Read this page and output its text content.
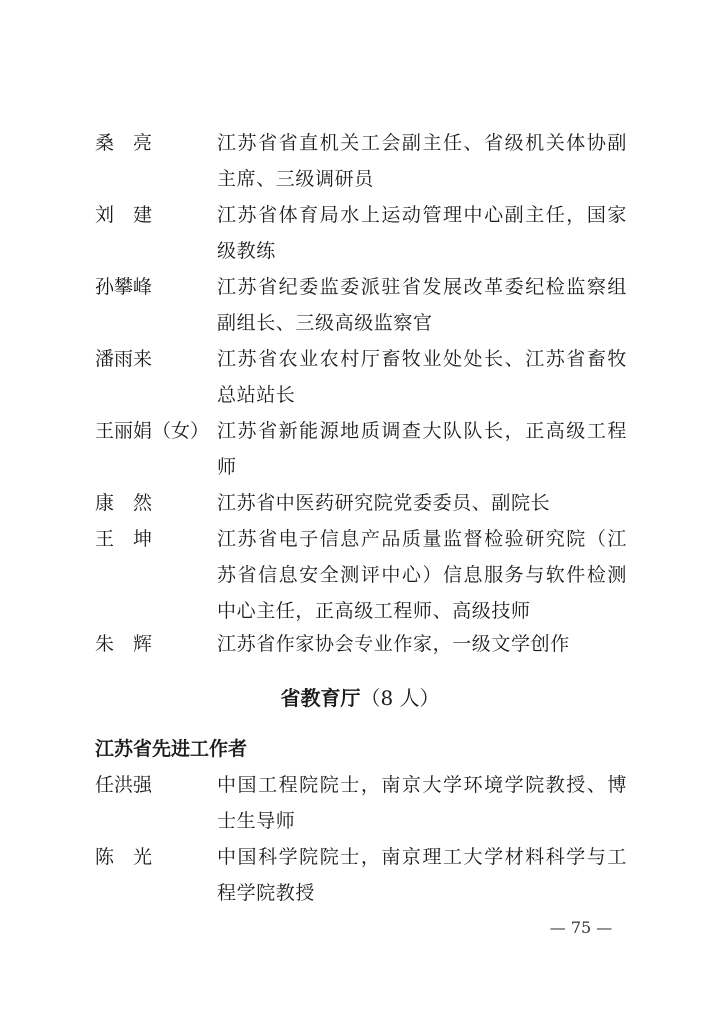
桑　亮	江苏省省直机关工会副主任、省级机关体协副主席、三级调研员
刘　建	江苏省体育局水上运动管理中心副主任，国家级教练
孙攀峰	江苏省纪委监委派驻省发展改革委纪检监察组副组长、三级高级监察官
潘雨来	江苏省农业农村厅畜牧业处处长、江苏省畜牧总站站长
王丽娟（女） 江苏省新能源地质调查大队队长，正高级工程师
康　然	江苏省中医药研究院党委委员、副院长
王　坤	江苏省电子信息产品质量监督检验研究院（江苏省信息安全测评中心）信息服务与软件检测中心主任，正高级工程师、高级技师
朱　辉	江苏省作家协会专业作家，一级文学创作
省教育厅（8 人）
江苏省先进工作者
任洪强	中国工程院院士，南京大学环境学院教授、博士生导师
陈　光	中国科学院院士，南京理工大学材料科学与工程学院教授
— 75 —
